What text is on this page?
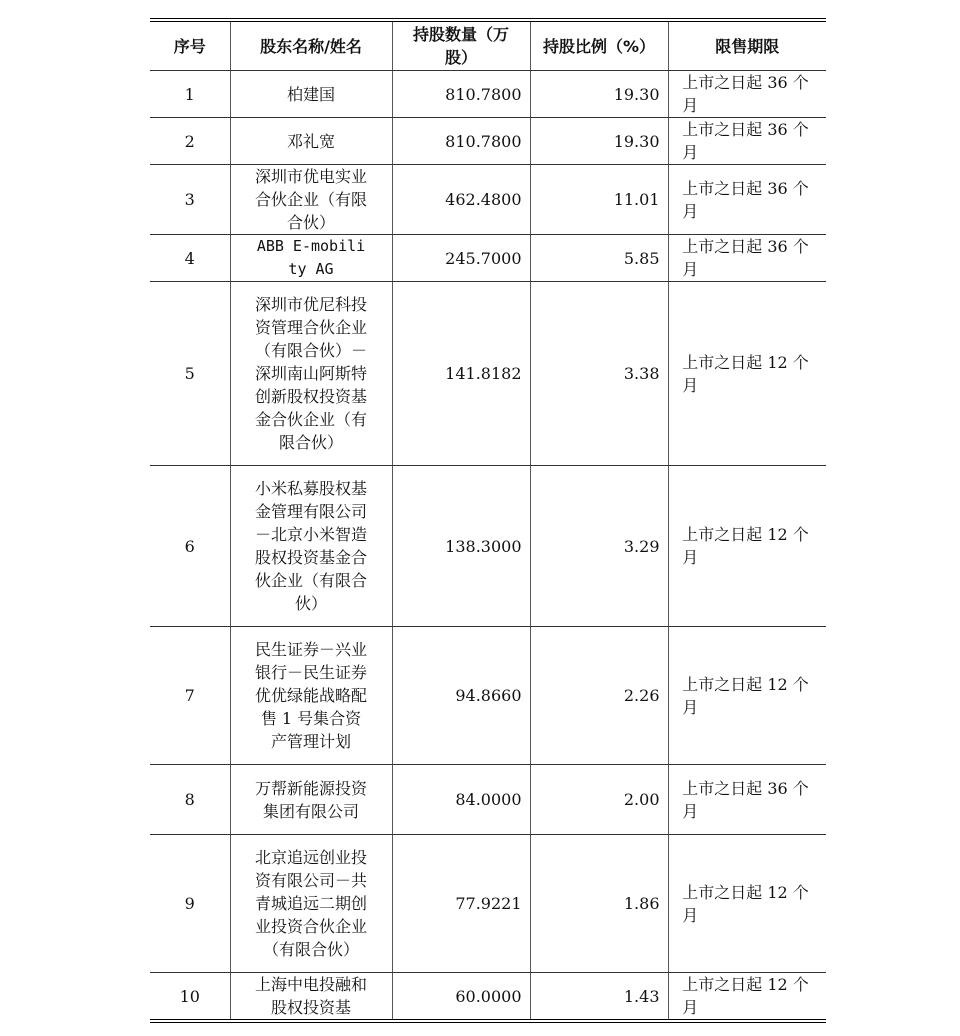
序号	股东名称/姓名	持股数量（万股）	持股比例（%）	限售期限
1	柏建国	810.7800	19.30	上市之日起 36 个月

2	邓礼宽	810.7800	19.30	上市之日起 36 个月

3	深圳市优电实业合伙企业（有限合伙）	462.4800	11.01	上市之日起 36 个月

4	ABB E-mobility AG	245.7000	5.85	上市之日起 36 个月

5	深圳市优尼科投资管理合伙企业（有限合伙）－深圳南山阿斯特创新股权投资基金合伙企业（有限合伙）	141.8182	3.38	上市之日起 12 个月

6	小米私募股权基金管理有限公司－北京小米智造股权投资基金合伙企业（有限合伙）	138.3000	3.29	上市之日起 12 个月

7	民生证券－兴业银行－民生证券优优绿能战略配售 1 号集合资产管理计划	94.8660	2.26	上市之日起 12 个月

8	万帮新能源投资集团有限公司	84.0000	2.00	上市之日起 36 个月

9	北京追远创业投资有限公司－共青城追远二期创业投资合伙企业（有限合伙）	77.9221	1.86	上市之日起 12 个月

10	上海中电投融和股权投资基	60.0000	1.43	上市之日起 12 个月
